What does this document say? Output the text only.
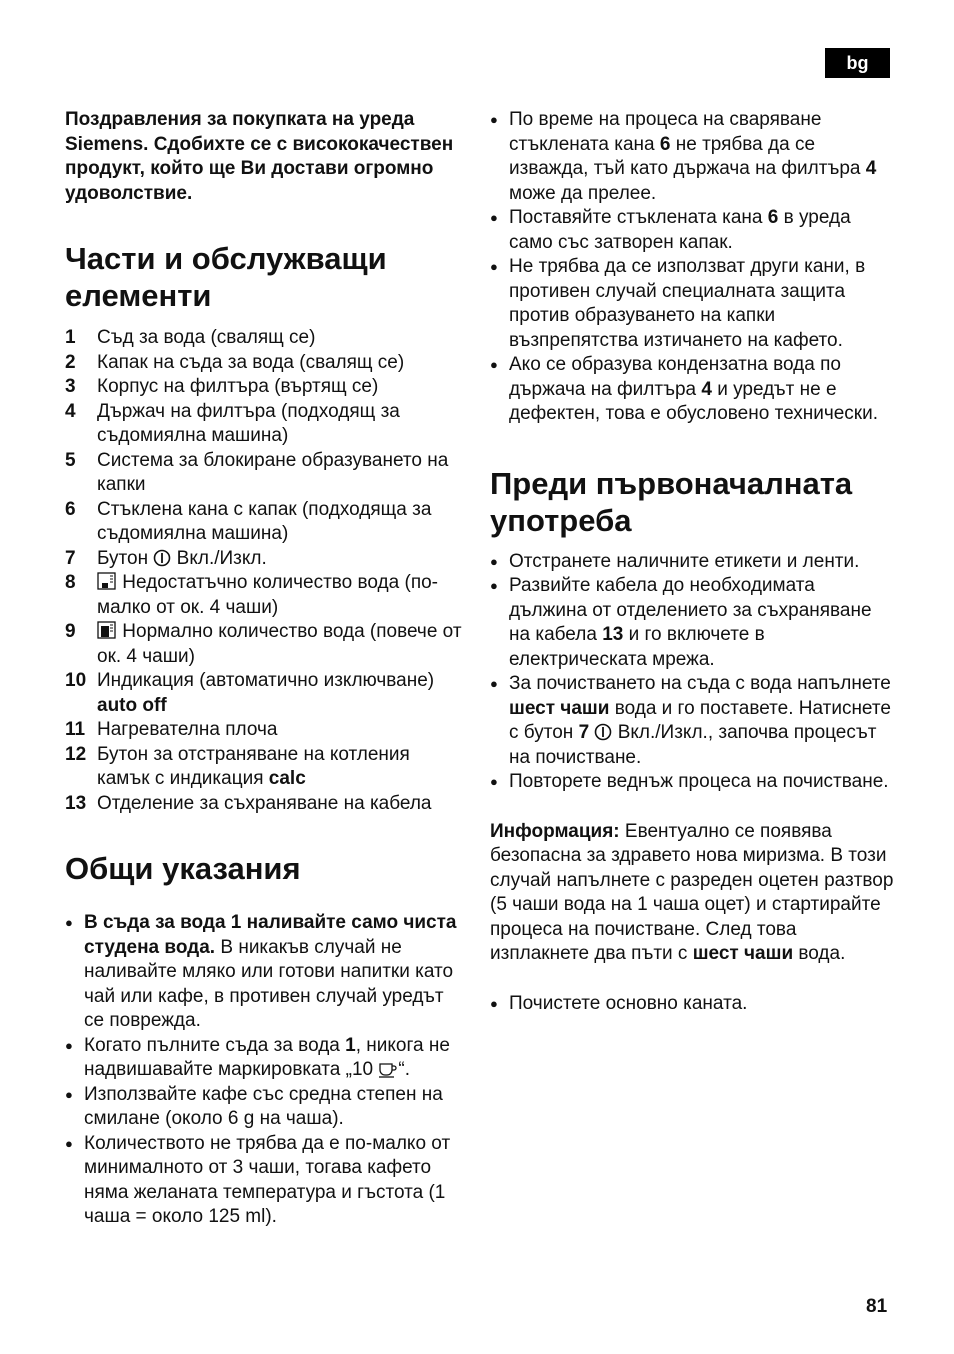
bg

Поздравления за покупката на уреда Siemens. Сдобихте се с висококачествен продукт, който ще Ви достави огромно удоволствие.

Части и обслужващи елементи
1	Съд за вода (свалящ се)
2	Капак на съда за вода (свалящ се)
3	Корпус на филтъра (въртящ се)
4	Държач на филтъра (подходящ за съдомиялна машина)
5	Система за блокиране образуването на капки
6	Стъклена кана с капак (подходяща за съдомиялна машина)
7	Бутон Вкл./Изкл.
8	Недостатъчно количество вода (по-малко от ок. 4 чаши)
9	Нормално количество вода (повече от ок. 4 чаши)
10	Индикация (автоматично изключване)
auto off
11	Нагревателна плоча
12	Бутон за отстраняване на котления камък с индикация calc
13	Отделение за съхраняване на кабела
Общи указания
● В съда за вода 1 наливайте само чиста студена вода. В никакъв случай не наливайте мляко или готови напитки като чай или кафе, в противен случай уредът се поврежда.
● Когато пълните съда за вода 1, никога не надвишавайте маркировката „10 “.
● Използвайте кафе със средна степен на смилане (около 6 g на чаша).
● Количеството не трябва да е по-малко от минималното от 3 чаши, тогава кафето няма желаната температура и гъстота (1 чаша = около 125 ml).
● По време на процеса на сваряване стъклената кана 6 не трябва да се изважда, тъй като държача на филтъра 4 може да прелее.
● Поставяйте стъклената кана 6 в уреда само със затворен капак.
● Не трябва да се използват други кани, в противен случай специалната защита против образуването на капки възпрепятства изтичането на кафето.
● Ако се образува кондензатна вода по държача на филтъра 4 и уредът не е дефектен, това е обусловено технически.
Преди първоначалната употреба
● Отстранете наличните етикети и ленти.
● Развийте кабела до необходимата дължина от отделението за съхраняване на кабела 13 и го включете в електрическата мрежа.
● За почистването на съда с вода напълнете шест чаши вода и го поставете. Натиснете с бутон 7  Вкл./Изкл., започва процесът на почистване.
● Повторете веднъж процеса на почистване.

Информация: Евентуално се появява безопасна за здравето нова миризма. В този случай напълнете с разреден оцетен разтвор (5 чаши вода на 1 чаша оцет) и стартирайте процеса на почистване. След това изплакнете два пъти с шест чаши вода.

● Почистете основно каната.
81
